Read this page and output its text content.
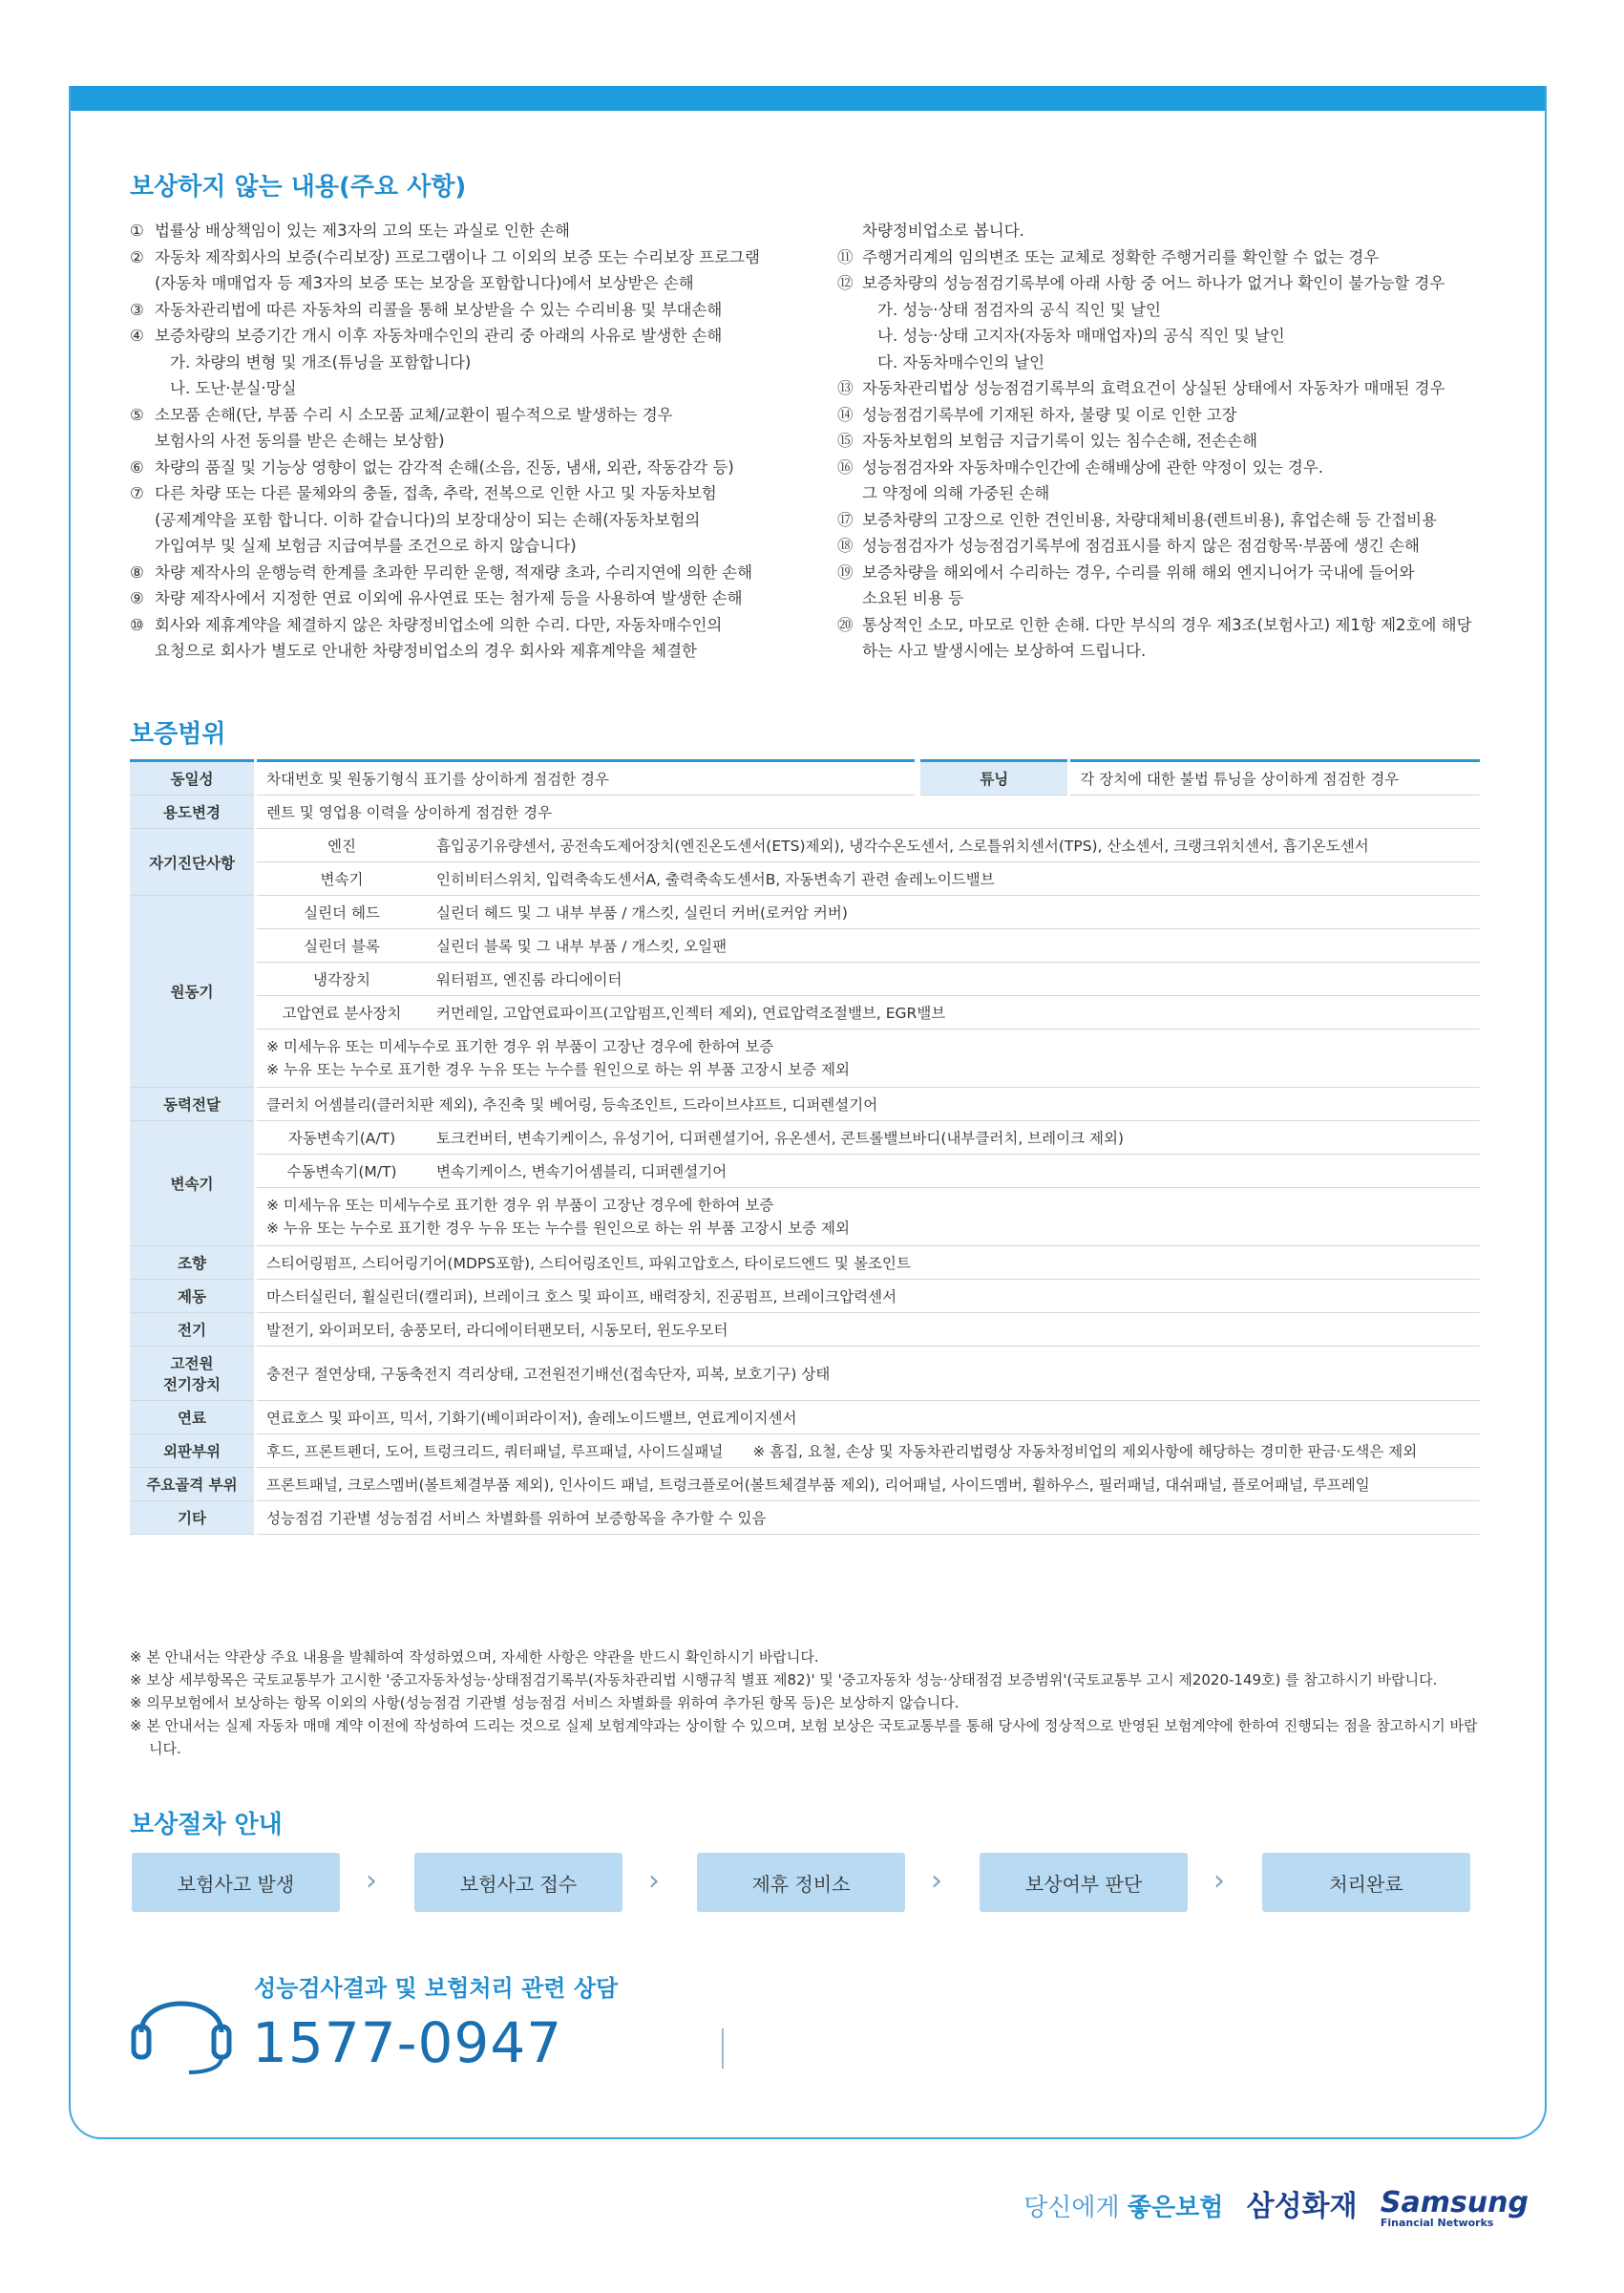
보상하지 않는 내용(주요 사항)
① 법률상 배상책임이 있는 제3자의 고의 또는 과실로 인한 손해
② 자동차 제작회사의 보증(수리보장) 프로그램이나 그 이외의 보증 또는 수리보장 프로그램
(자동차 매매업자 등 제3자의 보증 또는 보장을 포함합니다)에서 보상받은 손해
③ 자동차관리법에 따른 자동차의 리콜을 통해 보상받을 수 있는 수리비용 및 부대손해
④ 보증차량의 보증기간 개시 이후 자동차매수인의 관리 중 아래의 사유로 발생한 손해
가. 차량의 변형 및 개조(튜닝을 포함합니다)
나. 도난·분실·망실
⑤ 소모품 손해(단, 부품 수리 시 소모품 교체/교환이 필수적으로 발생하는 경우
보험사의 사전 동의를 받은 손해는 보상함)
⑥ 차량의 품질 및 기능상 영향이 없는 감각적 손해(소음, 진동, 냄새, 외관, 작동감각 등)
⑦ 다른 차량 또는 다른 물체와의 충돌, 접촉, 추락, 전복으로 인한 사고 및 자동차보험
(공제계약을 포함 합니다. 이하 같습니다)의 보장대상이 되는 손해(자동차보험의
가입여부 및 실제 보험금 지급여부를 조건으로 하지 않습니다)
⑧ 차량 제작사의 운행능력 한계를 초과한 무리한 운행, 적재량 초과, 수리지연에 의한 손해
⑨ 차량 제작사에서 지정한 연료 이외에 유사연료 또는 첨가제 등을 사용하여 발생한 손해
⑩ 회사와 제휴계약을 체결하지 않은 차량정비업소에 의한 수리. 다만, 자동차매수인의
요청으로 회사가 별도로 안내한 차량정비업소의 경우 회사와 제휴계약을 체결한
차량정비업소로 봅니다.
⑪ 주행거리계의 임의변조 또는 교체로 정확한 주행거리를 확인할 수 없는 경우
⑫ 보증차량의 성능점검기록부에 아래 사항 중 어느 하나가 없거나 확인이 불가능할 경우
가. 성능·상태 점검자의 공식 직인 및 날인
나. 성능·상태 고지자(자동차 매매업자)의 공식 직인 및 날인
다. 자동차매수인의 날인
⑬ 자동차관리법상 성능점검기록부의 효력요건이 상실된 상태에서 자동차가 매매된 경우
⑭ 성능점검기록부에 기재된 하자, 불량 및 이로 인한 고장
⑮ 자동차보험의 보험금 지급기록이 있는 침수손해, 전손손해
⑯ 성능점검자와 자동차매수인간에 손해배상에 관한 약정이 있는 경우.
그 약정에 의해 가중된 손해
⑰ 보증차량의 고장으로 인한 견인비용, 차량대체비용(렌트비용), 휴업손해 등 간접비용
⑱ 성능점검자가 성능점검기록부에 점검표시를 하지 않은 점검항목·부품에 생긴 손해
⑲ 보증차량을 해외에서 수리하는 경우, 수리를 위해 해외 엔지니어가 국내에 들어와
소요된 비용 등
⑳ 통상적인 소모, 마모로 인한 손해. 다만 부식의 경우 제3조(보험사고) 제1항 제2호에 해당
하는 사고 발생시에는 보상하여 드립니다.
보증범위
동일성	차대번호 및 원동기형식 표기를 상이하게 점검한 경우		튜닝	각 장치에 대한 불법 튜닝을 상이하게 점검한 경우
용도변경	렌트 및 영업용 이력을 상이하게 점검한 경우			
자기진단사항	엔진	흡입공기유량센서, 공전속도제어장치(엔진온도센서(ETS)제외), 냉각수온도센서, 스로틀위치센서(TPS), 산소센서, 크랭크위치센서, 흡기온도센서		
	변속기	인히비터스위치, 입력축속도센서A, 출력축속도센서B, 자동변속기 관련 솔레노이드밸브		
원동기	실린더 헤드	실린더 헤드 및 그 내부 부품 / 개스킷, 실린더 커버(로커암 커버)		
	실린더 블록	실린더 블록 및 그 내부 부품 / 개스킷, 오일팬		
	냉각장치	워터펌프, 엔진룸 라디에이터		
	고압연료 분사장치	커먼레일, 고압연료파이프(고압펌프,인젝터 제외), 연료압력조절밸브, EGR밸브		

	※ 미세누유 또는 미세누수로 표기한 경우 위 부품이 고장난 경우에 한하여 보증
※ 누유 또는 누수로 표기한 경우 누유 또는 누수를 원인으로 하는 위 부품 고장시 보증 제외			

동력전달	클러치 어셈블리(클러치판 제외), 추진축 및 베어링, 등속조인트, 드라이브샤프트, 디퍼렌셜기어			
변속기	자동변속기(A/T)	토크컨버터, 변속기케이스, 유성기어, 디퍼렌셜기어, 유온센서, 콘트롤밸브바디(내부클러치, 브레이크 제외)		
	수동변속기(M/T)	변속기케이스, 변속기어셈블리, 디퍼렌셜기어		

	※ 미세누유 또는 미세누수로 표기한 경우 위 부품이 고장난 경우에 한하여 보증
※ 누유 또는 누수로 표기한 경우 누유 또는 누수를 원인으로 하는 위 부품 고장시 보증 제외			

조향	스티어링펌프, 스티어링기어(MDPS포함), 스티어링조인트, 파워고압호스, 타이로드엔드 및 볼조인트			
제동	마스터실린더, 휠실린더(캘리퍼), 브레이크 호스 및 파이프, 배력장치, 진공펌프, 브레이크압력센서			
전기	발전기, 와이퍼모터, 송풍모터, 라디에이터팬모터, 시동모터, 윈도우모터			

고전원
전기장치	충전구 절연상태, 구동축전지 격리상태, 고전원전기배선(접속단자, 피복, 보호기구) 상태			
연료	연료호스 및 파이프, 믹서, 기화기(베이퍼라이저), 솔레노이드밸브, 연료게이지센서			
외판부위	후드, 프론트펜더, 도어, 트렁크리드, 쿼터패널, 루프패널, 사이드실패널 ※ 흠집, 요철, 손상 및 자동차관리법령상 자동차정비업의 제외사항에 해당하는 경미한 판금·도색은 제외			
주요골격 부위	프론트패널, 크로스멤버(볼트체결부품 제외), 인사이드 패널, 트렁크플로어(볼트체결부품 제외), 리어패널, 사이드멤버, 휠하우스, 필러패널, 대쉬패널, 플로어패널, 루프레일			
기타	성능점검 기관별 성능점검 서비스 차별화를 위하여 보증항목을 추가할 수 있음			
※ 본 안내서는 약관상 주요 내용을 발췌하여 작성하였으며, 자세한 사항은 약관을 반드시 확인하시기 바랍니다.
※ 보상 세부항목은 국토교통부가 고시한 '중고자동차성능·상태점검기록부(자동차관리법 시행규칙 별표 제82)' 및 '중고자동차 성능·상태점검 보증범위'(국토교통부 고시 제2020-149호) 를 참고하시기 바랍니다.
※ 의무보험에서 보상하는 항목 이외의 사항(성능점검 기관별 성능점검 서비스 차별화를 위하여 추가된 항목 등)은 보상하지 않습니다.
※ 본 안내서는 실제 자동차 매매 계약 이전에 작성하여 드리는 것으로 실제 보험계약과는 상이할 수 있으며, 보험 보상은 국토교통부를 통해 당사에 정상적으로 반영된 보험계약에 한하여 진행되는 점을 참고하시기 바랍니다.
보상절차 안내
보험사고 발생	›	보험사고 접수	›	제휴 정비소	›	보상여부 판단	›	처리완료
성능검사결과 및 보험처리 관련 상담
1577-0947
당신에게 좋은보험 삼성화재 Samsung
Financial Networks
